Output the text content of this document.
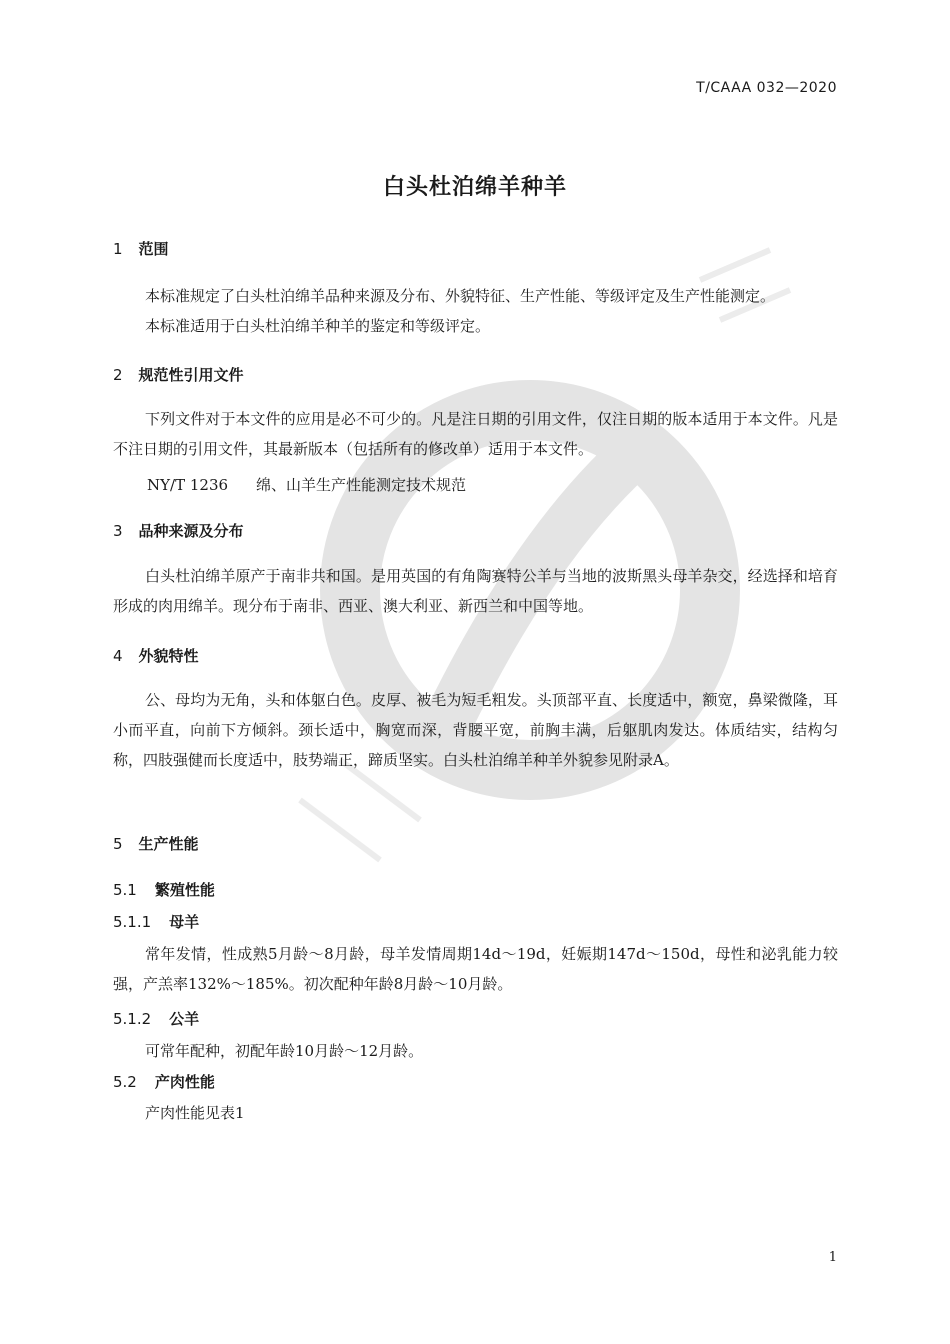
T/CAAA 032—2020
白头杜泊绵羊种羊
1 范围
本标准规定了白头杜泊绵羊品种来源及分布、外貌特征、生产性能、等级评定及生产性能测定。
本标准适用于白头杜泊绵羊种羊的鉴定和等级评定。
2 规范性引用文件
下列文件对于本文件的应用是必不可少的。凡是注日期的引用文件，仅注日期的版本适用于本文件。凡是不注日期的引用文件，其最新版本（包括所有的修改单）适用于本文件。
NY/T 1236 绵、山羊生产性能测定技术规范
3 品种来源及分布
白头杜泊绵羊原产于南非共和国。是用英国的有角陶赛特公羊与当地的波斯黑头母羊杂交，经选择和培育形成的肉用绵羊。现分布于南非、西亚、澳大利亚、新西兰和中国等地。
4 外貌特性
公、母均为无角，头和体躯白色。皮厚、被毛为短毛粗发。头顶部平直、长度适中，额宽，鼻梁微隆，耳小而平直，向前下方倾斜。颈长适中，胸宽而深，背腰平宽，前胸丰满，后躯肌肉发达。体质结实，结构匀称，四肢强健而长度适中，肢势端正，蹄质坚实。白头杜泊绵羊种羊外貌参见附录A。
5 生产性能
5.1 繁殖性能
5.1.1 母羊
常年发情，性成熟5月龄～8月龄，母羊发情周期14d～19d，妊娠期147d～150d，母性和泌乳能力较强，产羔率132%～185%。初次配种年龄8月龄～10月龄。
5.1.2 公羊
可常年配种，初配年龄10月龄～12月龄。
5.2 产肉性能
产肉性能见表1
1
